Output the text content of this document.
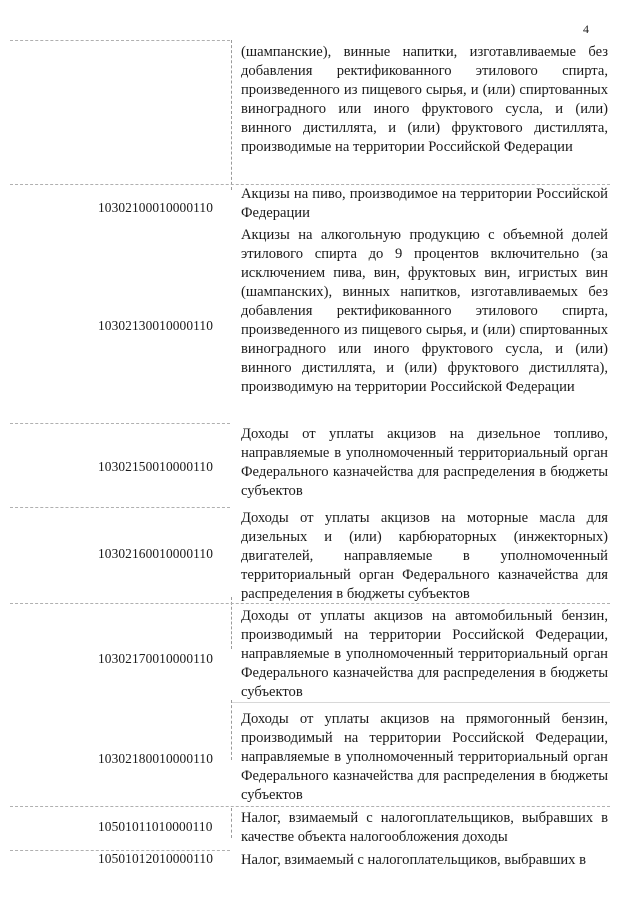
4
(шампанские), винные напитки, изготавливаемые без добавления ректификованного этилового спирта, произведенного из пищевого сырья, и (или) спиртованных виноградного или иного фруктового сусла, и (или) винного дистиллята, и (или) фруктового дистиллята, производимые на территории Российской Федерации
10302100010000110
Акцизы на пиво, производимое на территории Российской Федерации
10302130010000110
Акцизы на алкогольную продукцию с объемной долей этилового спирта до 9 процентов включительно (за исключением пива, вин, фруктовых вин, игристых вин (шампанских), винных напитков, изготавливаемых без добавления ректификованного этилового спирта, произведенного из пищевого сырья, и (или) спиртованных виноградного или иного фруктового сусла, и (или) винного дистиллята, и (или) фруктового дистиллята), производимую на территории Российской Федерации
10302150010000110
Доходы от уплаты акцизов на дизельное топливо, направляемые в уполномоченный территориальный орган Федерального казначейства для распределения в бюджеты субъектов
10302160010000110
Доходы от уплаты акцизов на моторные масла для дизельных и (или) карбюраторных (инжекторных) двигателей, направляемые в уполномоченный территориальный орган Федерального казначейства для распределения в бюджеты субъектов
10302170010000110
Доходы от уплаты акцизов на автомобильный бензин, производимый на территории Российской Федерации, направляемые в уполномоченный территориальный орган Федерального казначейства для распределения в бюджеты субъектов
10302180010000110
Доходы от уплаты акцизов на прямогонный бензин, производимый на территории Российской Федерации, направляемые в уполномоченный территориальный орган Федерального казначейства для распределения в бюджеты субъектов
10501011010000110
Налог, взимаемый с налогоплательщиков, выбравших в качестве объекта налогообложения доходы
10501012010000110	Налог, взимаемый с налогоплательщиков, выбравших в
